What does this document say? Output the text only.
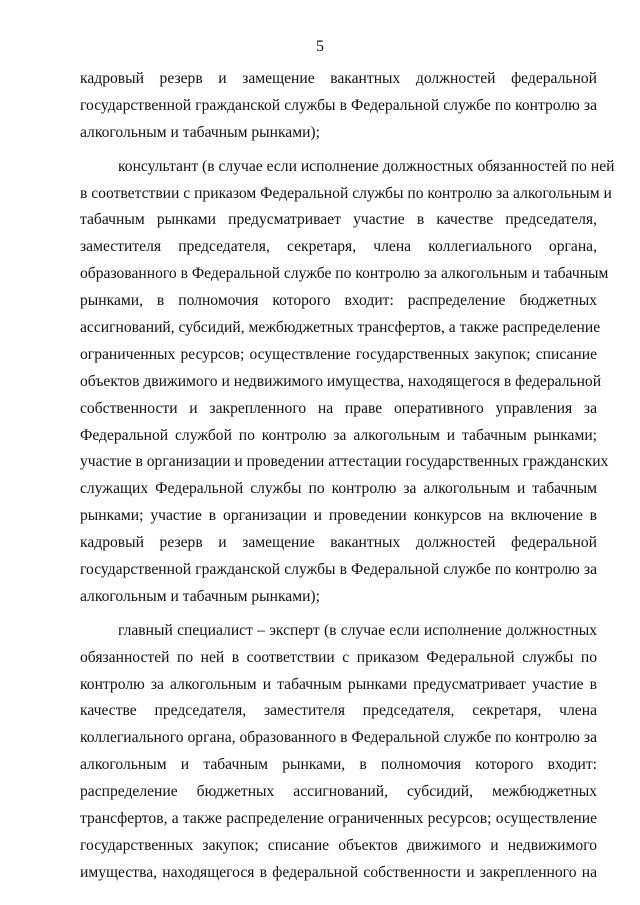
5
кадровый резерв и замещение вакантных должностей федеральной
государственной гражданской службы в Федеральной службе по контролю за
алкогольным и табачным рынками);
консультант (в случае если исполнение должностных обязанностей по ней
в соответствии с приказом Федеральной службы по контролю за алкогольным и
табачным рынками предусматривает участие в качестве председателя,
заместителя председателя, секретаря, члена коллегиального органа,
образованного в Федеральной службе по контролю за алкогольным и табачным
рынками, в полномочия которого входит: распределение бюджетных
ассигнований, субсидий, межбюджетных трансфертов, а также распределение
ограниченных ресурсов; осуществление государственных закупок; списание
объектов движимого и недвижимого имущества, находящегося в федеральной
собственности и закрепленного на праве оперативного управления за
Федеральной службой по контролю за алкогольным и табачным рынками;
участие в организации и проведении аттестации государственных гражданских
служащих Федеральной службы по контролю за алкогольным и табачным
рынками; участие в организации и проведении конкурсов на включение в
кадровый резерв и замещение вакантных должностей федеральной
государственной гражданской службы в Федеральной службе по контролю за
алкогольным и табачным рынками);
главный специалист – эксперт (в случае если исполнение должностных
обязанностей по ней в соответствии с приказом Федеральной службы по
контролю за алкогольным и табачным рынками предусматривает участие в
качестве председателя, заместителя председателя, секретаря, члена
коллегиального органа, образованного в Федеральной службе по контролю за
алкогольным и табачным рынками, в полномочия которого входит:
распределение бюджетных ассигнований, субсидий, межбюджетных
трансфертов, а также распределение ограниченных ресурсов; осуществление
государственных закупок; списание объектов движимого и недвижимого
имущества, находящегося в федеральной собственности и закрепленного на
